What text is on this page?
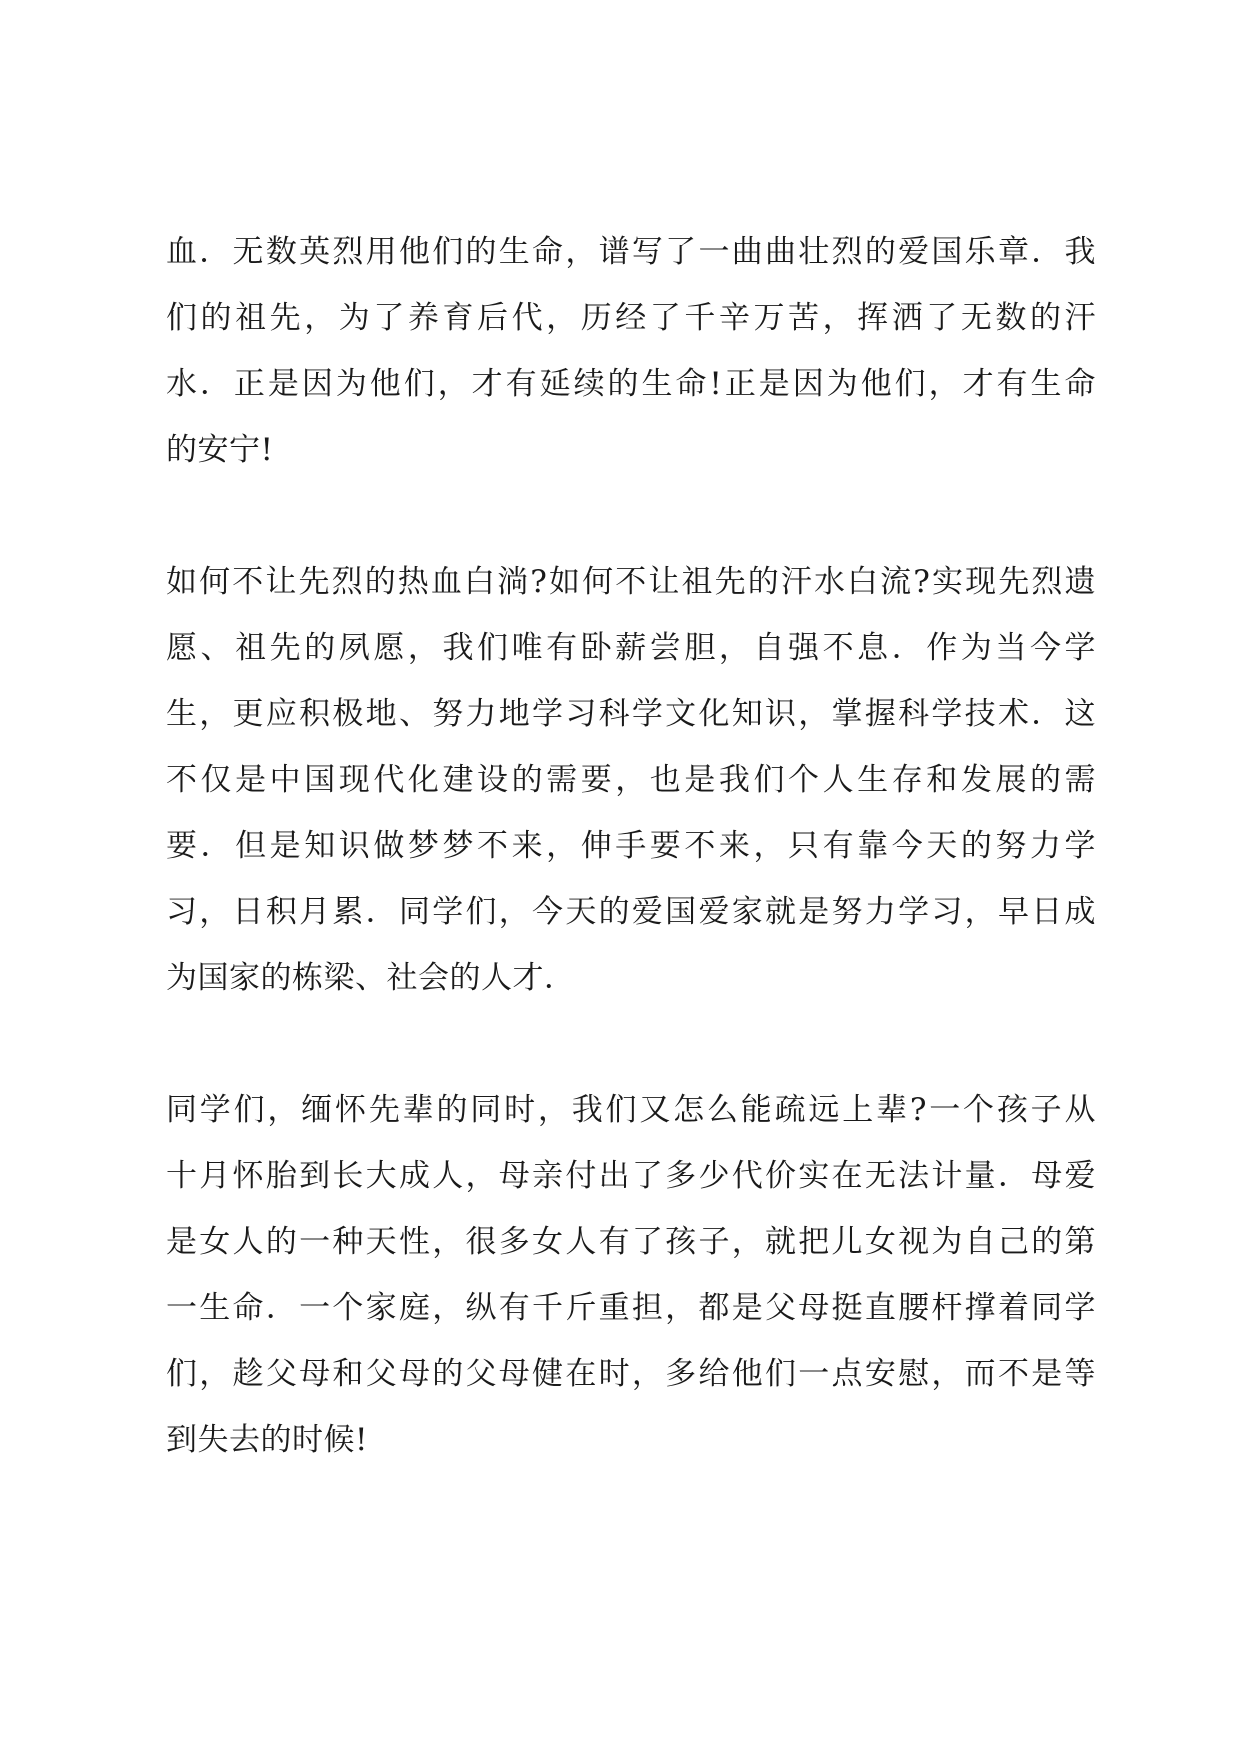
血．无数英烈用他们的生命，谱写了一曲曲壮烈的爱国乐章．我
们的祖先，为了养育后代，历经了千辛万苦，挥洒了无数的汗
水．正是因为他们，才有延续的生命!正是因为他们，才有生命
的安宁!
如何不让先烈的热血白淌?如何不让祖先的汗水白流?实现先烈遗
愿、祖先的夙愿，我们唯有卧薪尝胆，自强不息．作为当今学
生，更应积极地、努力地学习科学文化知识，掌握科学技术．这
不仅是中国现代化建设的需要，也是我们个人生存和发展的需
要．但是知识做梦梦不来，伸手要不来，只有靠今天的努力学
习，日积月累．同学们，今天的爱国爱家就是努力学习，早日成
为国家的栋梁、社会的人才．
同学们，缅怀先辈的同时，我们又怎么能疏远上辈?一个孩子从
十月怀胎到长大成人，母亲付出了多少代价实在无法计量．母爱
是女人的一种天性，很多女人有了孩子，就把儿女视为自己的第
一生命．一个家庭，纵有千斤重担，都是父母挺直腰杆撑着同学
们，趁父母和父母的父母健在时，多给他们一点安慰，而不是等
到失去的时候!
